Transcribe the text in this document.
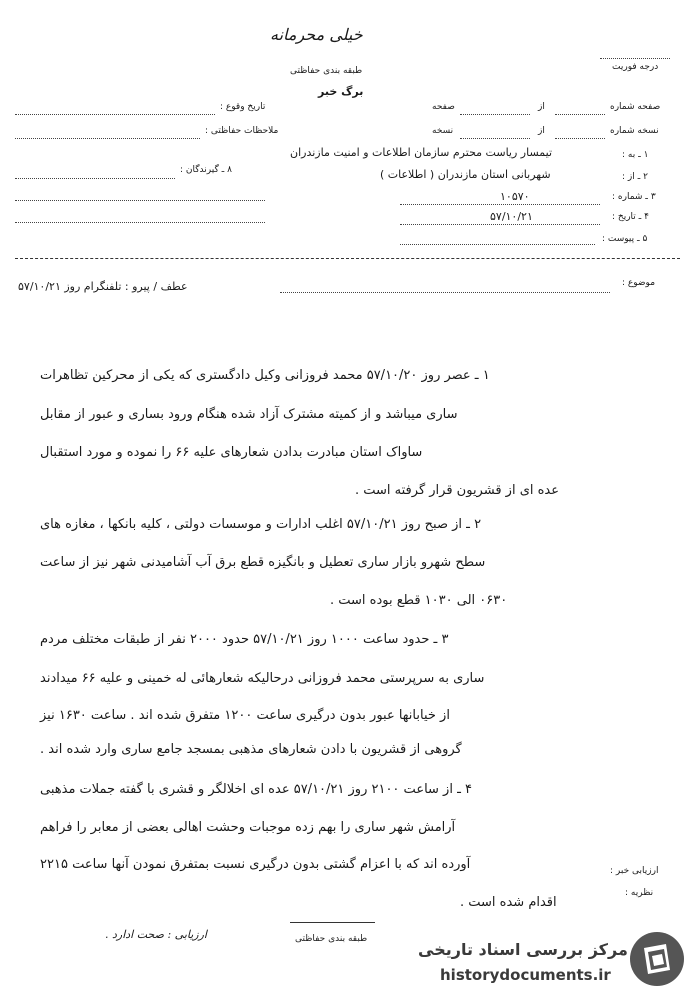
خیلی محرمانه
طبقه بندی حفاظتی
برگ خبر
درجه فوریت
صفحه شماره
از
صفحه
نسخه شماره
از
نسخه
تاریخ وقوع :
ملاحظات حفاظتی :
۸ ـ گیرندگان :
۱ ـ به :
تیمسار ریاست محترم سازمان اطلاعات و امنیت مازندران
۲ ـ از :
شهربانی استان مازندران ( اطلاعات )
۳ ـ شماره :
۱۰۵۷۰
۴ ـ تاریخ :
۵۷/۱۰/۲۱
۵ ـ پیوست :
موضوع :
عطف / پیرو : تلفنگرام روز ۵۷/۱۰/۲۱
۱ ـ عصر روز ۵۷/۱۰/۲۰ محمد فروزانی وکیل دادگستری که یکی از محرکین تظاهرات
ساری میباشد و از کمیته مشترک آزاد شده هنگام ورود بساری و عبور از مقابل
ساواک استان مبادرت بدادن شعارهای علیه ۶۶ را نموده و مورد استقبال
عده ای از قشریون قرار گرفته است .
۲ ـ از صبح روز ۵۷/۱۰/۲۱ اغلب ادارات و موسسات دولتی ، کلیه بانکها ، مغازه های
سطح شهرو بازار ساری تعطیل و بانگیزه قطع برق آب آشامیدنی شهر نیز از ساعت
۰۶۳۰ الی ۱۰۳۰ قطع بوده است .
۳ ـ حدود ساعت ۱۰۰۰ روز ۵۷/۱۰/۲۱ حدود ۲۰۰۰ نفر از طبقات مختلف مردم
ساری به سرپرستی محمد فروزانی درحالیکه شعارهائی له خمینی و علیه ۶۶ میدادند
از خیابانها عبور بدون درگیری ساعت ۱۲۰۰ متفرق شده اند . ساعت ۱۶۳۰ نیز
گروهی از قشریون با دادن شعارهای مذهبی بمسجد جامع ساری وارد شده اند .
۴ ـ از ساعت ۲۱۰۰ روز ۵۷/۱۰/۲۱ عده ای اخلالگر و قشری با گفته جملات مذهبی
آرامش شهر ساری را بهم زده موجبات وحشت اهالی بعضی از معابر را فراهم
آورده اند که با اعزام گشتی بدون درگیری نسبت بمتفرق نمودن آنها ساعت ۲۲۱۵
اقدام شده است .
ارزیابی خبر :
نظریه :
ارزیابی : صحت ادارد .	طبقه بندی حفاظتی
مرکز بررسی اسناد تاریخی
historydocuments.ir
